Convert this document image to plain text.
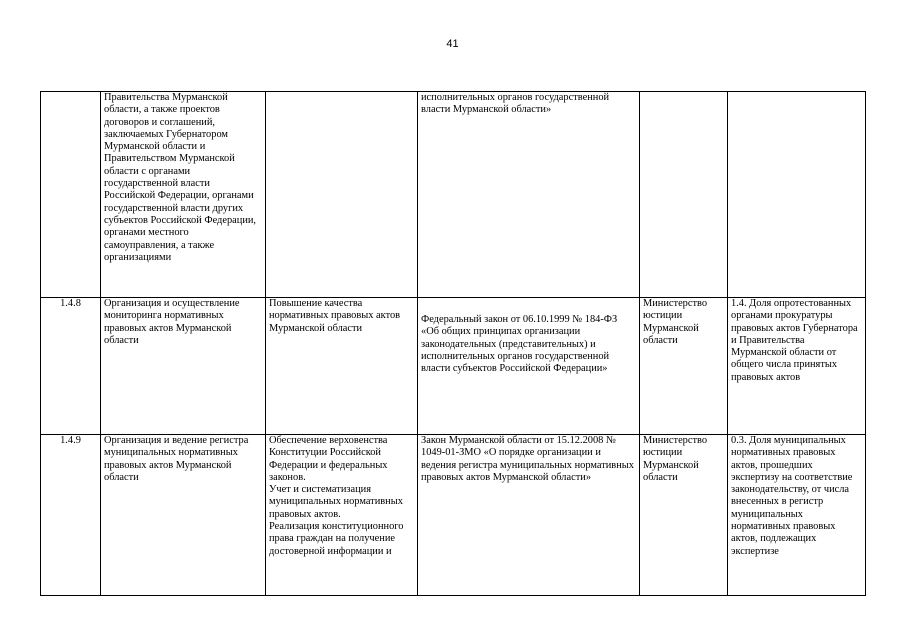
41

	Правительства Мурманской области, а также проектов договоров и соглашений, заключаемых Губернатором Мурманской области и Правительством Мурманской области с органами государственной власти Российской Федерации, органами государственной власти других субъектов Российской Федерации, органами местного самоуправления, а также организациями		исполнительных органов государственной власти Мурманской области»		
1.4.8	Организация и осуществление мониторинга нормативных правовых актов Мурманской области	Повышение качества нормативных правовых актов Мурманской области	Федеральный закон от 06.10.1999 № 184-ФЗ «Об общих принципах организации законодательных (представительных) и исполнительных органов государственной власти субъектов Российской Федерации»	Министерство юстиции Мурманской области	1.4. Доля опротестованных органами прокуратуры правовых актов Губернатора и Правительства Мурманской области от общего числа принятых правовых актов
1.4.9	Организация и ведение регистра муниципальных нормативных правовых актов Мурманской области	Обеспечение верховенства Конституции Российской Федерации и федеральных законов.
Учет и систематизация муниципальных нормативных правовых актов.
Реализация конституционного права граждан на получение достоверной информации и	Закон Мурманской области от 15.12.2008 № 1049-01-ЗМО «О порядке организации и ведения регистра муниципальных нормативных правовых актов Мурманской области»	Министерство юстиции Мурманской области	0.3. Доля муниципальных нормативных правовых актов, прошедших экспертизу на соответствие законодательству, от числа внесенных в регистр муниципальных нормативных правовых актов, подлежащих экспертизе
